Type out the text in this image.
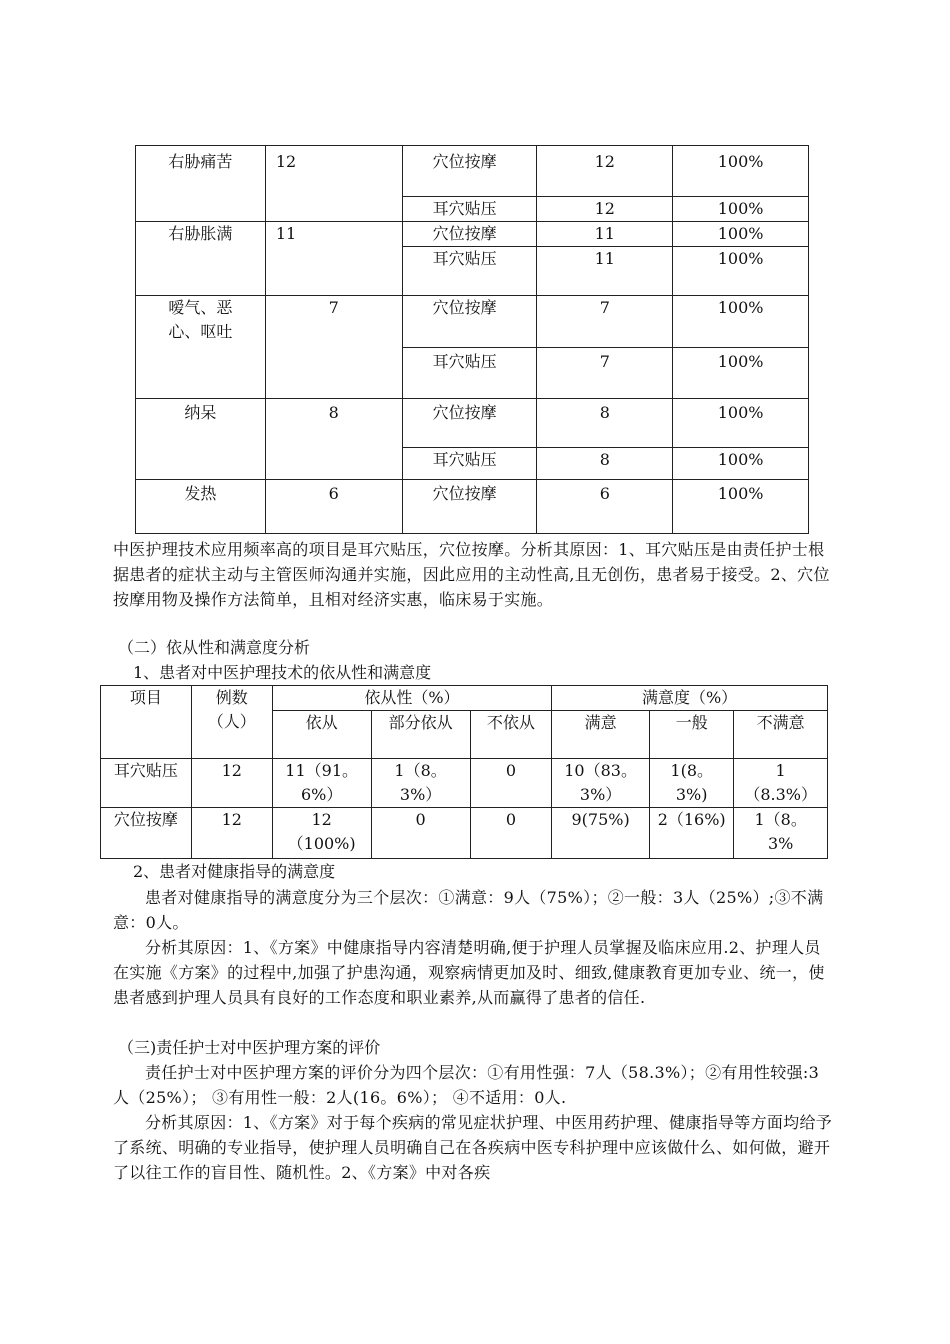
右胁痛苦	12	穴位按摩	12	100%
		耳穴贴压	12	100%
右胁胀满	11	穴位按摩	11	100%
		耳穴贴压	11	100%
嗳气、恶心、呕吐	7	穴位按摩	7	100%
		耳穴贴压	7	100%
纳呆	8	穴位按摩	8	100%
		耳穴贴压	8	100%
发热	6	穴位按摩	6	100%
中医护理技术应用频率高的项目是耳穴贴压，穴位按摩。分析其原因：1、耳穴贴压是由责任护士根据患者的症状主动与主管医师沟通并实施，因此应用的主动性高,且无创伤，患者易于接受。2、穴位按摩用物及操作方法简单，且相对经济实惠，临床易于实施。
（二）依从性和满意度分析
1、患者对中医护理技术的依从性和满意度
项目	例数（人）	依从性（%）			满意度（%）		
		依从	部分依从	不依从	满意	一般	不满意
耳穴贴压	12	11（91。6%）	1（8。3%）	0	10（83。3%）	1(8。3%)	1（8.3%）
穴位按摩	12	12（100%)	0	0	9(75%)	2（16%)	1（8。3%
2、患者对健康指导的满意度
患者对健康指导的满意度分为三个层次：①满意：9人（75%）；②一般：3人（25%）;③不满意：0人。
分析其原因：1、《方案》中健康指导内容清楚明确,便于护理人员掌握及临床应用.2、护理人员在实施《方案》的过程中,加强了护患沟通，观察病情更加及时、细致,健康教育更加专业、统一，使患者感到护理人员具有良好的工作态度和职业素养,从而赢得了患者的信任.
（三)责任护士对中医护理方案的评价
责任护士对中医护理方案的评价分为四个层次：①有用性强：7人（58.3%）；②有用性较强:3人（25%）； ③有用性一般：2人(16。6%）； ④不适用：0人.
分析其原因：1、《方案》对于每个疾病的常见症状护理、中医用药护理、健康指导等方面均给予了系统、明确的专业指导，使护理人员明确自己在各疾病中医专科护理中应该做什么、如何做，避开了以往工作的盲目性、随机性。2、《方案》中对各疾
